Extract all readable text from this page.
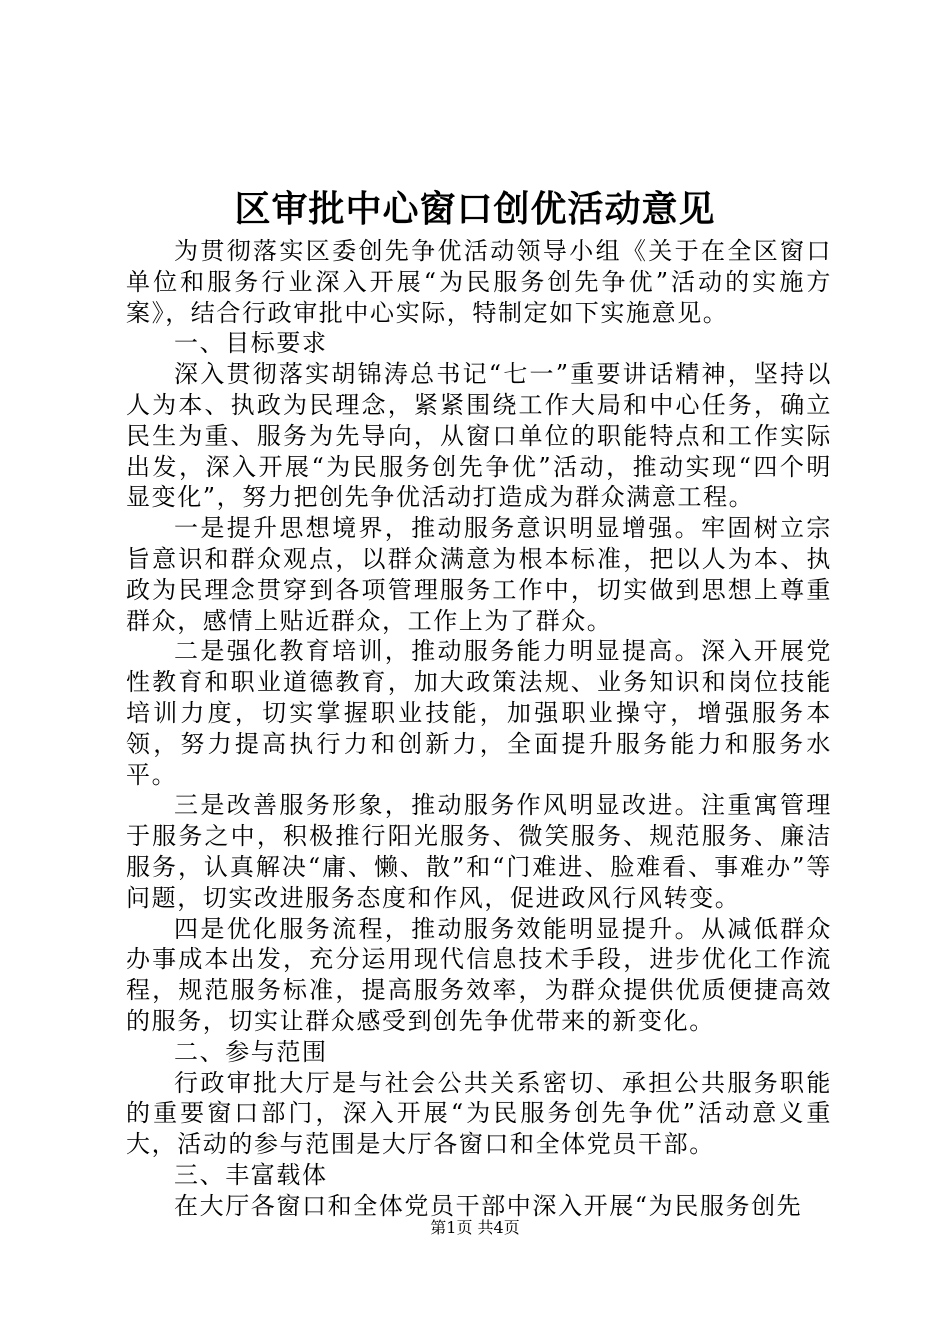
区审批中心窗口创优活动意见

为贯彻落实区委创先争优活动领导小组《关于在全区窗口单位和服务行业深入开展“为民服务创先争优”活动的实施方案》，结合行政审批中心实际，特制定如下实施意见。

一、目标要求

深入贯彻落实胡锦涛总书记“七一”重要讲话精神，坚持以人为本、执政为民理念，紧紧围绕工作大局和中心任务，确立民生为重、服务为先导向，从窗口单位的职能特点和工作实际出发，深入开展“为民服务创先争优”活动，推动实现“四个明显变化”，努力把创先争优活动打造成为群众满意工程。

一是提升思想境界，推动服务意识明显增强。牢固树立宗旨意识和群众观点，以群众满意为根本标准，把以人为本、执政为民理念贯穿到各项管理服务工作中，切实做到思想上尊重群众，感情上贴近群众，工作上为了群众。

二是强化教育培训，推动服务能力明显提高。深入开展党性教育和职业道德教育，加大政策法规、业务知识和岗位技能培训力度，切实掌握职业技能，加强职业操守，增强服务本领，努力提高执行力和创新力，全面提升服务能力和服务水平。

三是改善服务形象，推动服务作风明显改进。注重寓管理于服务之中，积极推行阳光服务、微笑服务、规范服务、廉洁服务，认真解决“庸、懒、散”和“门难进、脸难看、事难办”等问题，切实改进服务态度和作风，促进政风行风转变。

四是优化服务流程，推动服务效能明显提升。从减低群众办事成本出发，充分运用现代信息技术手段，进步优化工作流程，规范服务标准，提高服务效率，为群众提供优质便捷高效的服务，切实让群众感受到创先争优带来的新变化。

二、参与范围

行政审批大厅是与社会公共关系密切、承担公共服务职能的重要窗口部门，深入开展“为民服务创先争优”活动意义重大，活动的参与范围是大厅各窗口和全体党员干部。

三、丰富载体

在大厅各窗口和全体党员干部中深入开展“为民服务创先

第1页 共4页
